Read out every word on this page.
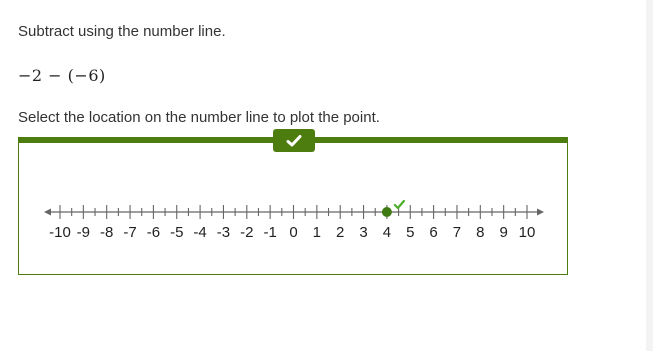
Subtract using the number line.
−2 − (−6)
Select the location on the number line to plot the point.
-10 -9 -8 -7 -6 -5 -4 -3 -2 -1 0 1 2 3 4 5 6 7 8 9 10
